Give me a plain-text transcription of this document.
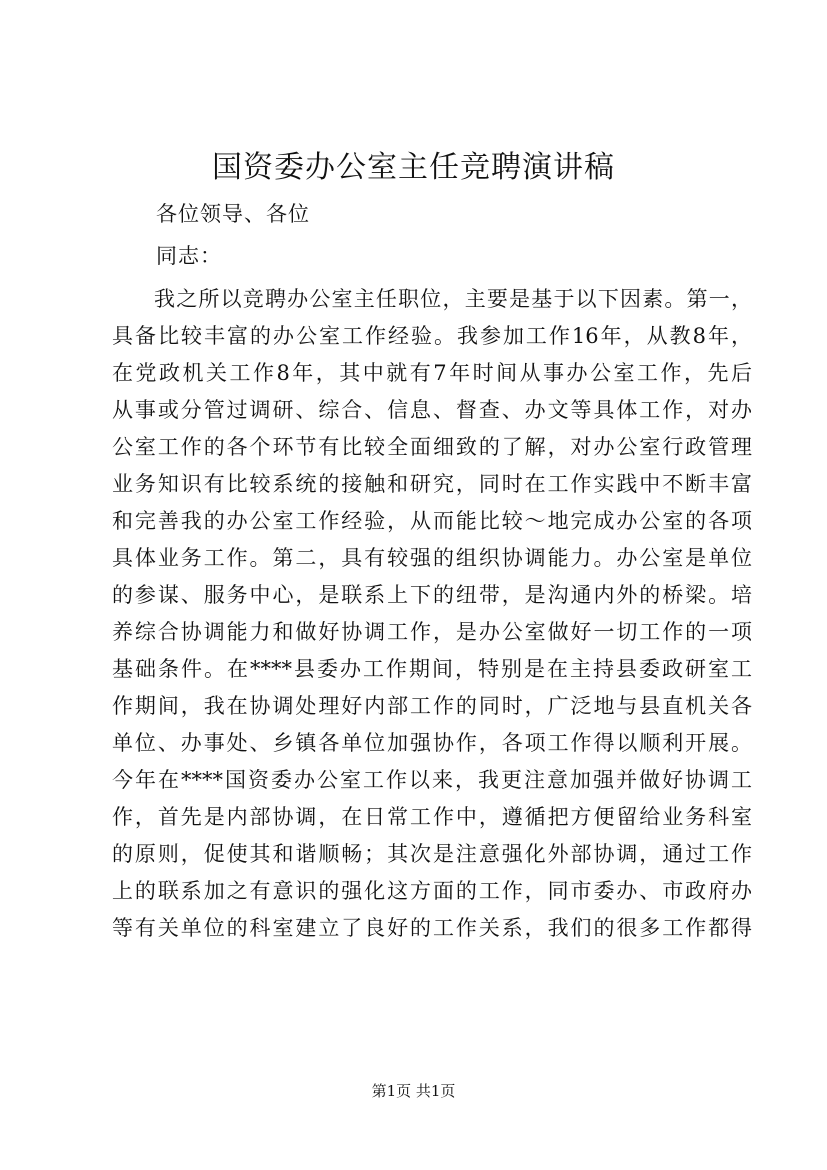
国资委办公室主任竞聘演讲稿
各位领导、各位
同志：
我之所以竞聘办公室主任职位，主要是基于以下因素。第一，
具备比较丰富的办公室工作经验。我参加工作16年，从教8年，
在党政机关工作8年，其中就有7年时间从事办公室工作，先后
从事或分管过调研、综合、信息、督查、办文等具体工作，对办
公室工作的各个环节有比较全面细致的了解，对办公室行政管理
业务知识有比较系统的接触和研究，同时在工作实践中不断丰富
和完善我的办公室工作经验，从而能比较～地完成办公室的各项
具体业务工作。第二，具有较强的组织协调能力。办公室是单位
的参谋、服务中心，是联系上下的纽带，是沟通内外的桥梁。培
养综合协调能力和做好协调工作，是办公室做好一切工作的一项
基础条件。在****县委办工作期间，特别是在主持县委政研室工
作期间，我在协调处理好内部工作的同时，广泛地与县直机关各
单位、办事处、乡镇各单位加强协作，各项工作得以顺利开展。
今年在****国资委办公室工作以来，我更注意加强并做好协调工
作，首先是内部协调，在日常工作中，遵循把方便留给业务科室
的原则，促使其和谐顺畅；其次是注意强化外部协调，通过工作
上的联系加之有意识的强化这方面的工作，同市委办、市政府办
等有关单位的科室建立了良好的工作关系，我们的很多工作都得
第1页 共1页
